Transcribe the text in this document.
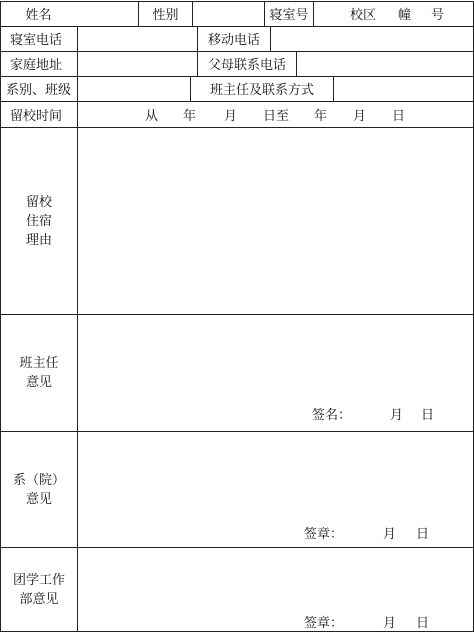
姓名	性别	寝室号	校区 幢 号
寝室电话	移动电话
家庭地址	父母联系电话
系别、班级	班主任及联系方式
留校时间	从 年 月 日至 年 月 日
留校
住宿
理由
班主任
意见
签名：	月 日
系（院）
意见
签章：	月 日
团学工作
部意见
签章：	月 日
